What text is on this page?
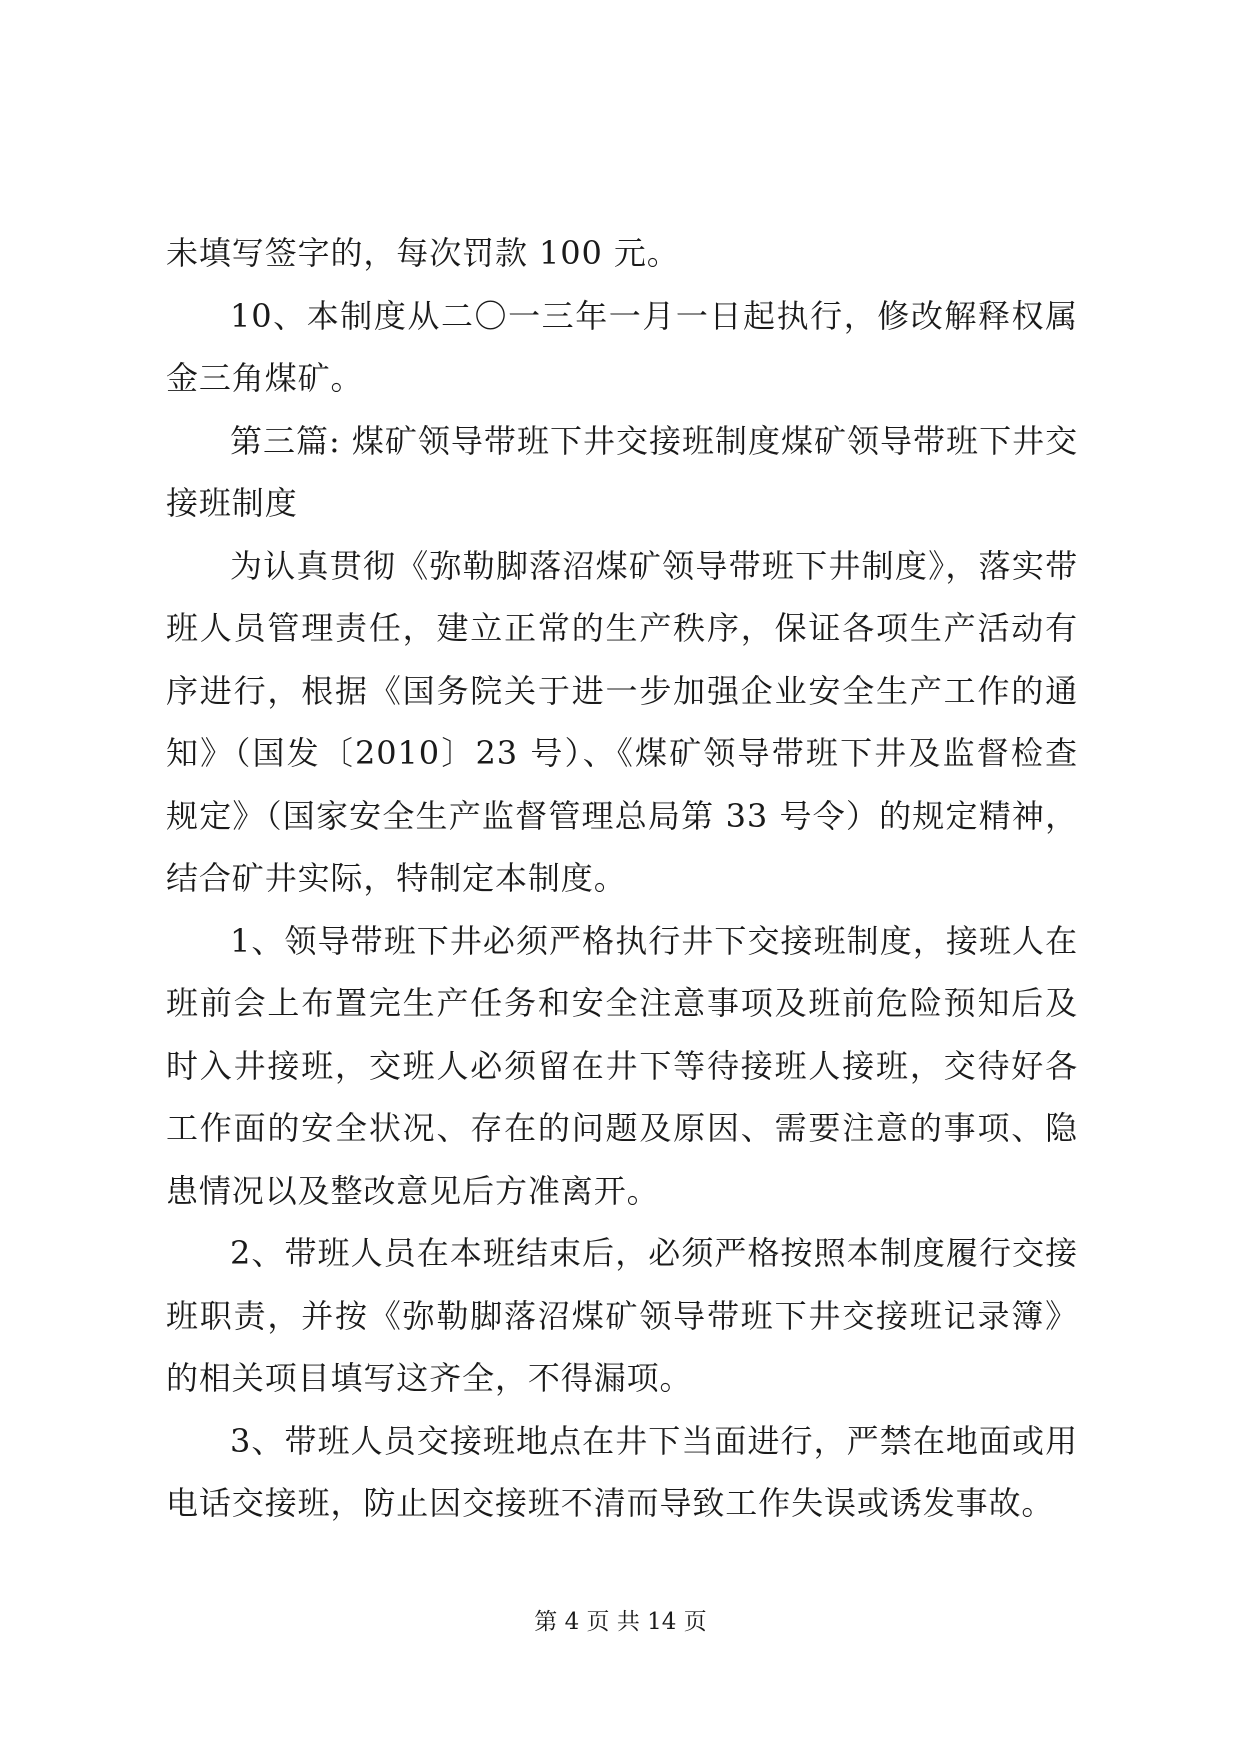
未填写签字的，每次罚款 100 元。

10、本制度从二〇一三年一月一日起执行，修改解释权属金三角煤矿。

第三篇: 煤矿领导带班下井交接班制度煤矿领导带班下井交接班制度

为认真贯彻《弥勒脚落沼煤矿领导带班下井制度》，落实带班人员管理责任，建立正常的生产秩序，保证各项生产活动有序进行，根据《国务院关于进一步加强企业安全生产工作的通知》（国发〔2010〕23 号）、《煤矿领导带班下井及监督检查规定》（国家安全生产监督管理总局第 33 号令）的规定精神，结合矿井实际，特制定本制度。

1、领导带班下井必须严格执行井下交接班制度，接班人在班前会上布置完生产任务和安全注意事项及班前危险预知后及时入井接班，交班人必须留在井下等待接班人接班，交待好各工作面的安全状况、存在的问题及原因、需要注意的事项、隐患情况以及整改意见后方准离开。

2、带班人员在本班结束后，必须严格按照本制度履行交接班职责，并按《弥勒脚落沼煤矿领导带班下井交接班记录簿》的相关项目填写这齐全，不得漏项。

3、带班人员交接班地点在井下当面进行，严禁在地面或用电话交接班，防止因交接班不清而导致工作失误或诱发事故。

第 4 页 共 14 页
